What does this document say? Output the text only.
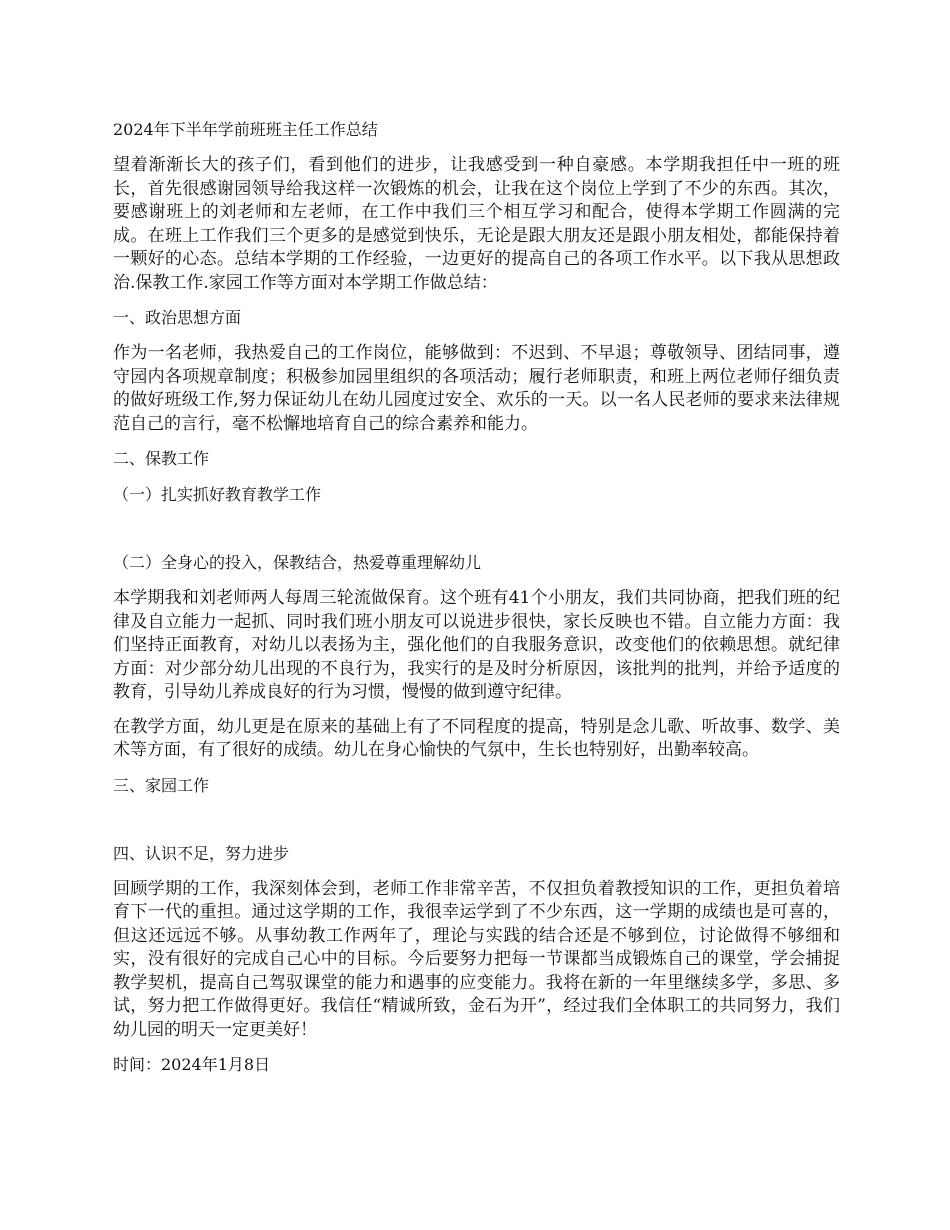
2024年下半年学前班班主任工作总结

望着渐渐长大的孩子们，看到他们的进步，让我感受到一种自豪感。本学期我担任中一班的班长，首先很感谢园领导给我这样一次锻炼的机会，让我在这个岗位上学到了不少的东西。其次，要感谢班上的刘老师和左老师，在工作中我们三个相互学习和配合，使得本学期工作圆满的完成。在班上工作我们三个更多的是感觉到快乐，无论是跟大朋友还是跟小朋友相处，都能保持着一颗好的心态。总结本学期的工作经验，一边更好的提高自己的各项工作水平。以下我从思想政治.保教工作.家园工作等方面对本学期工作做总结：

一、政治思想方面

作为一名老师，我热爱自己的工作岗位，能够做到：不迟到、不早退；尊敬领导、团结同事，遵守园内各项规章制度；积极参加园里组织的各项活动；履行老师职责，和班上两位老师仔细负责的做好班级工作,努力保证幼儿在幼儿园度过安全、欢乐的一天。以一名人民老师的要求来法律规范自己的言行，毫不松懈地培育自己的综合素养和能力。

二、保教工作

（一）扎实抓好教育教学工作

（二）全身心的投入，保教结合，热爱尊重理解幼儿

本学期我和刘老师两人每周三轮流做保育。这个班有41个小朋友，我们共同协商，把我们班的纪律及自立能力一起抓、同时我们班小朋友可以说进步很快，家长反映也不错。自立能力方面：我们坚持正面教育，对幼儿以表扬为主，强化他们的自我服务意识，改变他们的依赖思想。就纪律方面：对少部分幼儿出现的不良行为，我实行的是及时分析原因，该批判的批判，并给予适度的教育，引导幼儿养成良好的行为习惯，慢慢的做到遵守纪律。

在教学方面，幼儿更是在原来的基础上有了不同程度的提高，特别是念儿歌、听故事、数学、美术等方面，有了很好的成绩。幼儿在身心愉快的气氛中，生长也特别好，出勤率较高。

三、家园工作

四、认识不足，努力进步

回顾学期的工作，我深刻体会到，老师工作非常辛苦，不仅担负着教授知识的工作，更担负着培育下一代的重担。通过这学期的工作，我很幸运学到了不少东西，这一学期的成绩也是可喜的，但这还远远不够。从事幼教工作两年了，理论与实践的结合还是不够到位，讨论做得不够细和实，没有很好的完成自己心中的目标。今后要努力把每一节课都当成锻炼自己的课堂，学会捕捉教学契机，提高自己驾驭课堂的能力和遇事的应变能力。我将在新的一年里继续多学，多思、多试，努力把工作做得更好。我信任“精诚所致，金石为开”，经过我们全体职工的共同努力，我们幼儿园的明天一定更美好！

时间：2024年1月8日
